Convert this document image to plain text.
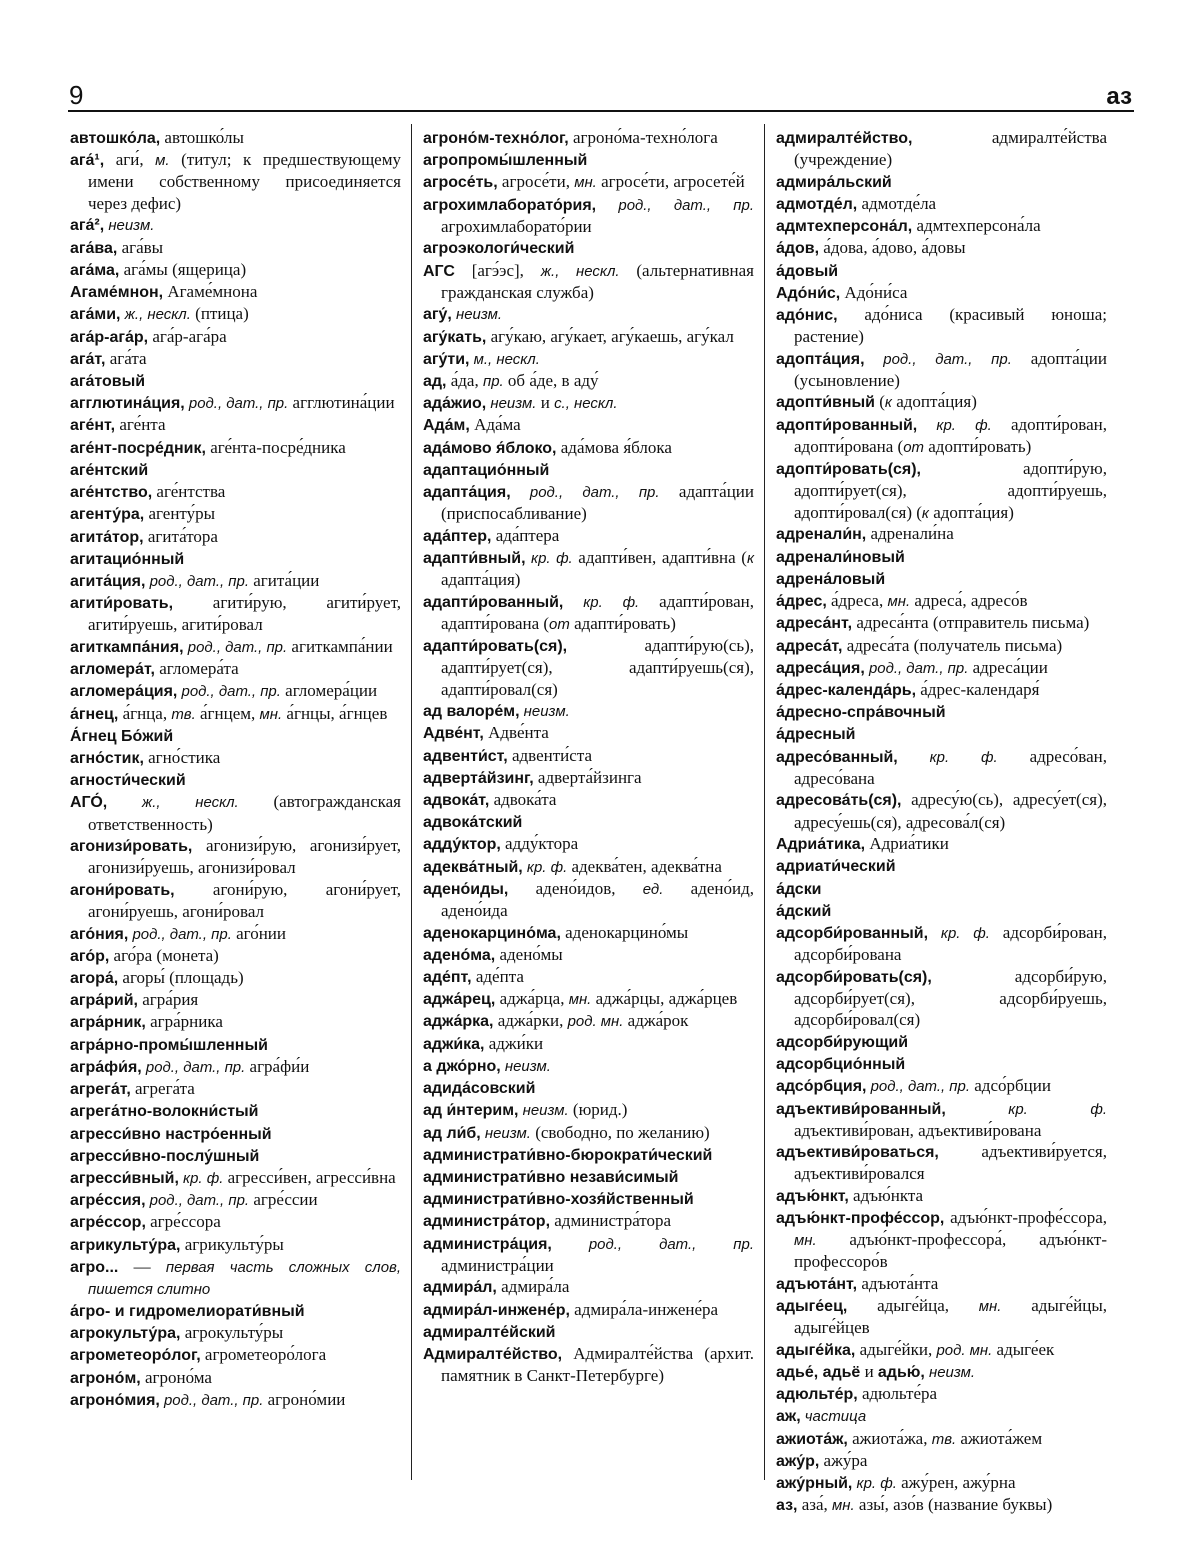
9	аз
автошко́ла, автошко́лы
ага́¹, аги́, м. (титул; к предшествующему имени собственному присоединяется через дефис)
ага́², неизм.
ага́ва, ага́вы
ага́ма, ага́мы (ящерица)
Агаме́мнон, Агаме́мнона
ага́ми, ж., нескл. (птица)
ага́р-ага́р, ага́р-ага́ра
ага́т, ага́та
ага́товый
агглютина́ция, род., дат., пр. агглютина́ции
аге́нт, аге́нта
аге́нт-посре́дник, аге́нта-посре́дника
аге́нтский
аге́нтство, аге́нтства
агенту́ра, агенту́ры
агита́тор, агита́тора
агитацио́нный
агита́ция, род., дат., пр. агита́ции
агити́ровать, агити́рую, агити́рует, агити́руешь, агити́ровал
агиткампа́ния, род., дат., пр. агиткампа́нии
агломера́т, агломера́та
агломера́ция, род., дат., пр. агломера́ции
а́гнец, а́гнца, тв. а́гнцем, мн. а́гнцы, а́гнцев
А́гнец Бо́жий
агно́стик, агно́стика
агности́ческий
АГО́, ж., нескл. (автогражданская ответственность)
агонизи́ровать, агонизи́рую, агонизи́рует, агонизи́руешь, агонизи́ровал
агони́ровать, агони́рую, агони́рует, агони́руешь, агони́ровал
аго́ния, род., дат., пр. аго́нии
аго́р, аго́ра (монета)
агора́, агоры́ (площадь)
агра́рий, агра́рия
агра́рник, агра́рника
агра́рно-промы́шленный
агра́фи́я, род., дат., пр. агра́фи́и
агрега́т, агрега́та
агрега́тно-волокни́стый
агресси́вно настро́енный
агресси́вно-послу́шный
агресси́вный, кр. ф. агресси́вен, агресси́вна
агре́ссия, род., дат., пр. агре́ссии
агре́ссор, агре́ссора
агрикульту́ра, агрикульту́ры
агро... — первая часть сложных слов, пишется слитно
а́гро- и гидромелиорати́вный
агрокульту́ра, агрокульту́ры
агрометеоро́лог, агрометеоро́лога
агроно́м, агроно́ма
агроно́мия, род., дат., пр. агроно́мии
агроно́м-техно́лог, агроно́ма-техно́лога
агропромы́шленный
агросе́ть, агросе́ти, мн. агросе́ти, агросете́й
агрохимлаборато́рия, род., дат., пр. агрохимлаборато́рии
агроэкологи́ческий
АГС [агэ́эс], ж., нескл. (альтернативная гражданская служба)
агу́, неизм.
агу́кать, агу́каю, агу́кает, агу́каешь, агу́кал
агу́ти, м., нескл.
ад, а́да, пр. об а́де, в аду́
ада́жио, неизм. и с., нескл.
Ада́м, Ада́ма
ада́мово я́блоко, ада́мова я́блока
адаптацио́нный
адапта́ция, род., дат., пр. адапта́ции (приспосабливание)
ада́птер, ада́птера
адапти́вный, кр. ф. адапти́вен, адапти́вна (к адапта́ция)
адапти́рованный, кр. ф. адапти́рован, адапти́рована (от адапти́ровать)
адапти́ровать(ся), адапти́рую(сь), адапти́рует(ся), адапти́руешь(ся), адапти́ровал(ся)
ад валоре́м, неизм.
Адве́нт, Адве́нта
адвенти́ст, адвенти́ста
адверта́йзинг, адверта́йзинга
адвока́т, адвока́та
адвока́тский
адду́ктор, адду́ктора
адеква́тный, кр. ф. адеква́тен, адеква́тна
адено́иды, адено́идов, ед. адено́ид, адено́ида
аденокарцино́ма, аденокарцино́мы
адено́ма, адено́мы
аде́пт, аде́пта
аджа́рец, аджа́рца, мн. аджа́рцы, аджа́рцев
аджа́рка, аджа́рки, род. мн. аджа́рок
аджи́ка, аджи́ки
а джо́рно, неизм.
адида́совский
ад и́нтерим, неизм. (юрид.)
ад ли́б, неизм. (свободно, по желанию)
администрати́вно-бюрократи́ческий
администрати́вно незави́симый
администрати́вно-хозя́йственный
администра́тор, администра́тора
администра́ция, род., дат., пр. администра́ции
адмира́л, адмира́ла
адмира́л-инжене́р, адмира́ла-инжене́ра
адмиралте́йский
Адмиралте́йство, Адмиралте́йства (архит. памятник в Санкт-Петербурге)
адмиралте́йство, адмиралте́йства (учреждение)
адмира́льский
адмотде́л, адмотде́ла
адмтехперсона́л, адмтехперсона́ла
а́дов, а́дова, а́дово, а́довы
а́довый
Адо́ни́с, Адо́ни́са
адо́нис, адо́ниса (красивый юноша; растение)
адопта́ция, род., дат., пр. адопта́ции (усыновление)
адопти́вный (к адопта́ция)
адопти́рованный, кр. ф. адопти́рован, адопти́рована (от адопти́ровать)
адопти́ровать(ся), адопти́рую, адопти́рует(ся), адопти́руешь, адопти́ровал(ся) (к адопта́ция)
адренали́н, адренали́на
адренали́новый
адрена́ловый
а́дрес, а́дреса, мн. адреса́, адресо́в
адреса́нт, адреса́нта (отправитель письма)
адреса́т, адреса́та (получатель письма)
адреса́ция, род., дат., пр. адреса́ции
а́дрес-календа́рь, а́дрес-календаря́
а́дресно-спра́вочный
а́дресный
адресо́ванный, кр. ф. адресо́ван, адресо́вана
адресова́ть(ся), адресу́ю(сь), адресу́ет(ся), адресу́ешь(ся), адресова́л(ся)
Адриа́тика, Адриа́тики
адриати́ческий
а́дски
а́дский
адсорби́рованный, кр. ф. адсорби́рован, адсорби́рована
адсорби́ровать(ся), адсорби́рую, адсорби́рует(ся), адсорби́руешь, адсорби́ровал(ся)
адсорби́рующий
адсорбцио́нный
адсо́рбция, род., дат., пр. адсо́рбции
адъективи́рованный, кр. ф. адъективи́рован, адъективи́рована
адъективи́роваться, адъективи́руется, адъективи́ровался
адъю́нкт, адъю́нкта
адъю́нкт-профе́ссор, адъю́нкт-профе́ссора, мн. адъю́нкт-профессора́, адъю́нкт-профессоро́в
адъюта́нт, адъюта́нта
адыге́ец, адыге́йца, мн. адыге́йцы, адыге́йцев
адыге́йка, адыге́йки, род. мн. адыге́ек
адье́, адьё и адью́, неизм.
адюльте́р, адюльте́ра
аж, частица
ажиота́ж, ажиота́жа, тв. ажиота́жем
ажу́р, ажу́ра
ажу́рный, кр. ф. ажу́рен, ажу́рна
аз, аза́, мн. азы́, азо́в (название буквы)
